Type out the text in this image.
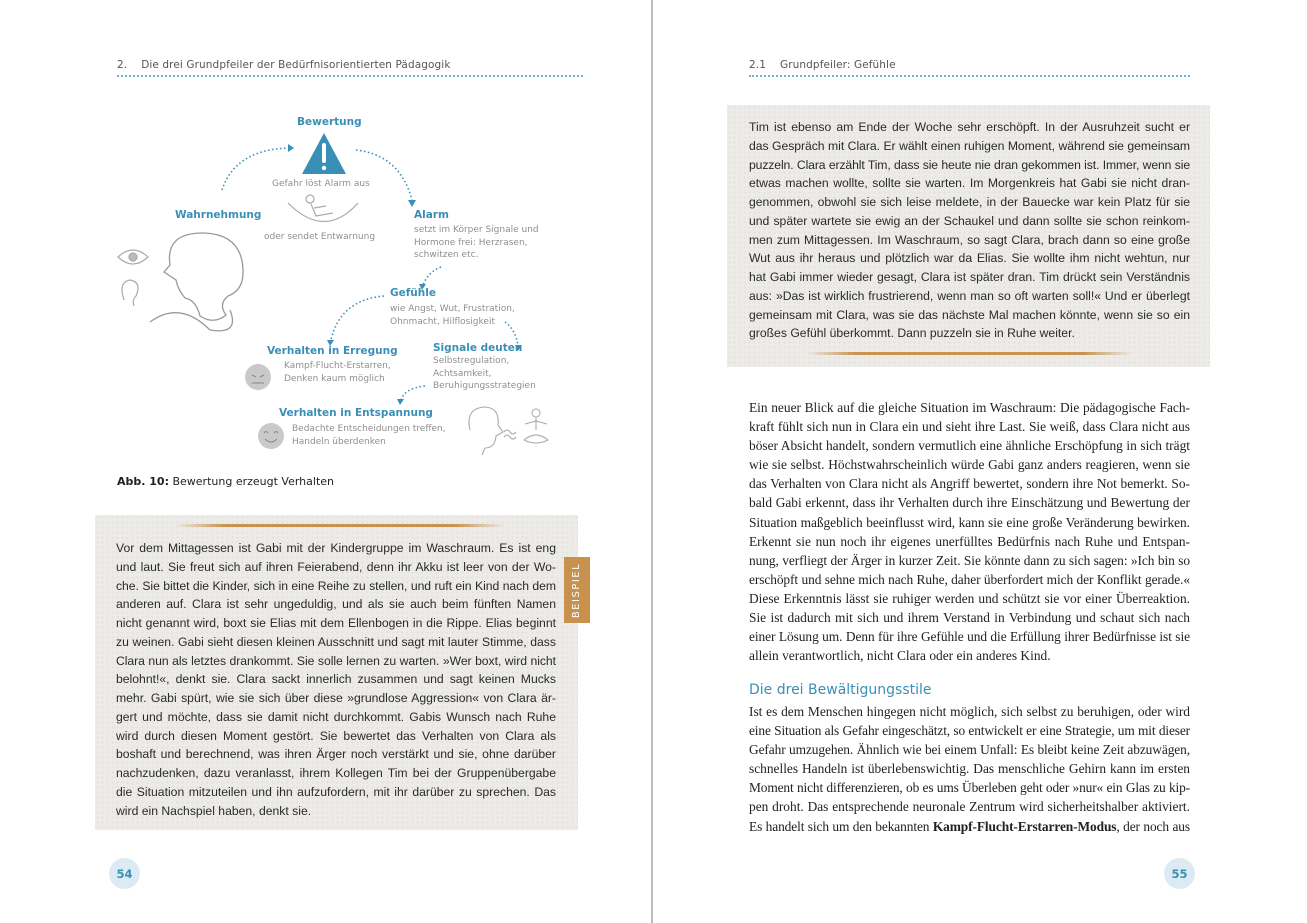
2. Die drei Grundpfeiler der Bedürfnisorientierten Pädagogik
Bewertung
Gefahr löst Alarm aus
oder sendet Entwarnung
Wahrnehmung	Alarm
setzt im Körper Signale und
Hormone frei: Herzrasen,
schwitzen etc.
Gefühle
wie Angst, Wut, Frustration,
Ohnmacht, Hilflosigkeit
Verhalten in Erregung
Kampf-Flucht-Erstarren,
Denken kaum möglich
Signale deuten
Selbstregulation,
Achtsamkeit,
Beruhigungsstrategien
Verhalten in Entspannung
Bedachte Entscheidungen treffen,
Handeln überdenken
Abb. 10: Bewertung erzeugt Verhalten
Vor dem Mittagessen ist Gabi mit der Kindergruppe im Waschraum. Es ist eng
und laut. Sie freut sich auf ihren Feierabend, denn ihr Akku ist leer von der Wo-
che. Sie bittet die Kinder, sich in eine Reihe zu stellen, und ruft ein Kind nach dem
anderen auf. Clara ist sehr ungeduldig, und als sie auch beim fünften Namen
nicht genannt wird, boxt sie Elias mit dem Ellenbogen in die Rippe. Elias beginnt
zu weinen. Gabi sieht diesen kleinen Ausschnitt und sagt mit lauter Stimme, dass
Clara nun als letztes drankommt. Sie solle lernen zu warten. »Wer boxt, wird nicht
belohnt!«, denkt sie. Clara sackt innerlich zusammen und sagt keinen Mucks
mehr. Gabi spürt, wie sie sich über diese »grundlose Aggression« von Clara är-
gert und möchte, dass sie damit nicht durchkommt. Gabis Wunsch nach Ruhe
wird durch diesen Moment gestört. Sie bewertet das Verhalten von Clara als
boshaft und berechnend, was ihren Ärger noch verstärkt und sie, ohne darüber
nachzudenken, dazu veranlasst, ihrem Kollegen Tim bei der Gruppenübergabe
die Situation mitzuteilen und ihn aufzufordern, mit ihr darüber zu sprechen. Das
wird ein Nachspiel haben, denkt sie.
BEISPIEL
54
2.1 Grundpfeiler: Gefühle
Tim ist ebenso am Ende der Woche sehr erschöpft. In der Ausruhzeit sucht er
das Gespräch mit Clara. Er wählt einen ruhigen Moment, während sie gemeinsam
puzzeln. Clara erzählt Tim, dass sie heute nie dran gekommen ist. Immer, wenn sie
etwas machen wollte, sollte sie warten. Im Morgenkreis hat Gabi sie nicht dran-
genommen, obwohl sie sich leise meldete, in der Bauecke war kein Platz für sie
und später wartete sie ewig an der Schaukel und dann sollte sie schon reinkom-
men zum Mittagessen. Im Waschraum, so sagt Clara, brach dann so eine große
Wut aus ihr heraus und plötzlich war da Elias. Sie wollte ihm nicht wehtun, nur
hat Gabi immer wieder gesagt, Clara ist später dran. Tim drückt sein Verständnis
aus: »Das ist wirklich frustrierend, wenn man so oft warten soll!« Und er überlegt
gemeinsam mit Clara, was sie das nächste Mal machen könnte, wenn sie so ein
großes Gefühl überkommt. Dann puzzeln sie in Ruhe weiter.
Ein neuer Blick auf die gleiche Situation im Waschraum: Die pädagogische Fach-
kraft fühlt sich nun in Clara ein und sieht ihre Last. Sie weiß, dass Clara nicht aus
böser Absicht handelt, sondern vermutlich eine ähnliche Erschöpfung in sich trägt
wie sie selbst. Höchstwahrscheinlich würde Gabi ganz anders reagieren, wenn sie
das Verhalten von Clara nicht als Angriff bewertet, sondern ihre Not bemerkt. So-
bald Gabi erkennt, dass ihr Verhalten durch ihre Einschätzung und Bewertung der
Situation maßgeblich beeinflusst wird, kann sie eine große Veränderung bewirken.
Erkennt sie nun noch ihr eigenes unerfülltes Bedürfnis nach Ruhe und Entspan-
nung, verfliegt der Ärger in kurzer Zeit. Sie könnte dann zu sich sagen: »Ich bin so
erschöpft und sehne mich nach Ruhe, daher überfordert mich der Konflikt gerade.«
Diese Erkenntnis lässt sie ruhiger werden und schützt sie vor einer Überreaktion.
Sie ist dadurch mit sich und ihrem Verstand in Verbindung und schaut sich nach
einer Lösung um. Denn für ihre Gefühle und die Erfüllung ihrer Bedürfnisse ist sie
allein verantwortlich, nicht Clara oder ein anderes Kind.
Die drei Bewältigungsstile
Ist es dem Menschen hingegen nicht möglich, sich selbst zu beruhigen, oder wird
eine Situation als Gefahr eingeschätzt, so entwickelt er eine Strategie, um mit dieser
Gefahr umzugehen. Ähnlich wie bei einem Unfall: Es bleibt keine Zeit abzuwägen,
schnelles Handeln ist überlebenswichtig. Das menschliche Gehirn kann im ersten
Moment nicht differenzieren, ob es ums Überleben geht oder »nur« ein Glas zu kip-
pen droht. Das entsprechende neuronale Zentrum wird sicherheitshalber aktiviert.
Es handelt sich um den bekannten Kampf-Flucht-Erstarren-Modus, der noch aus
55
